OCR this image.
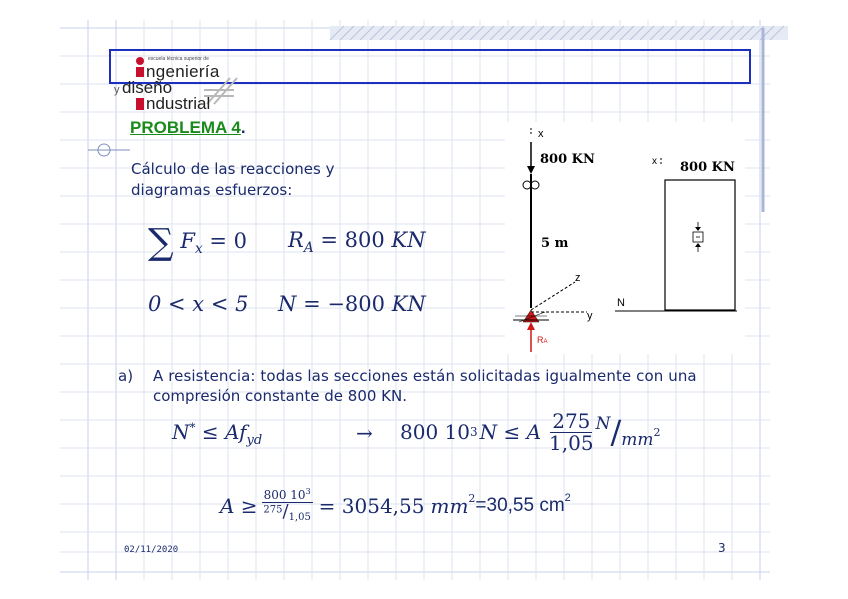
escuela técnica superior de
ngeniería
y diseño
ndustrial
PROBLEMA 4.
Cálculo de las reacciones y
diagramas esfuerzos:
∑ $F_x = 0$ $R_A = 800$ KN
0 < x < 5 N = −800 KN
x
800 KN
5 m
z
y
RA
x 800 KN
N
a) A resistencia: todas las secciones están solicitadas igualmente con una
compresión constante de 800 KN.
$N^* \le Af_{yd}$	→ 800 10 3 N ≤ A $\frac{275}{1,05}$ N / mm 2
$A \ge \frac{800 10^3}{275/1,05} = 3054,55$ mm 2 =30,55 cm 2
02/11/2020	3
